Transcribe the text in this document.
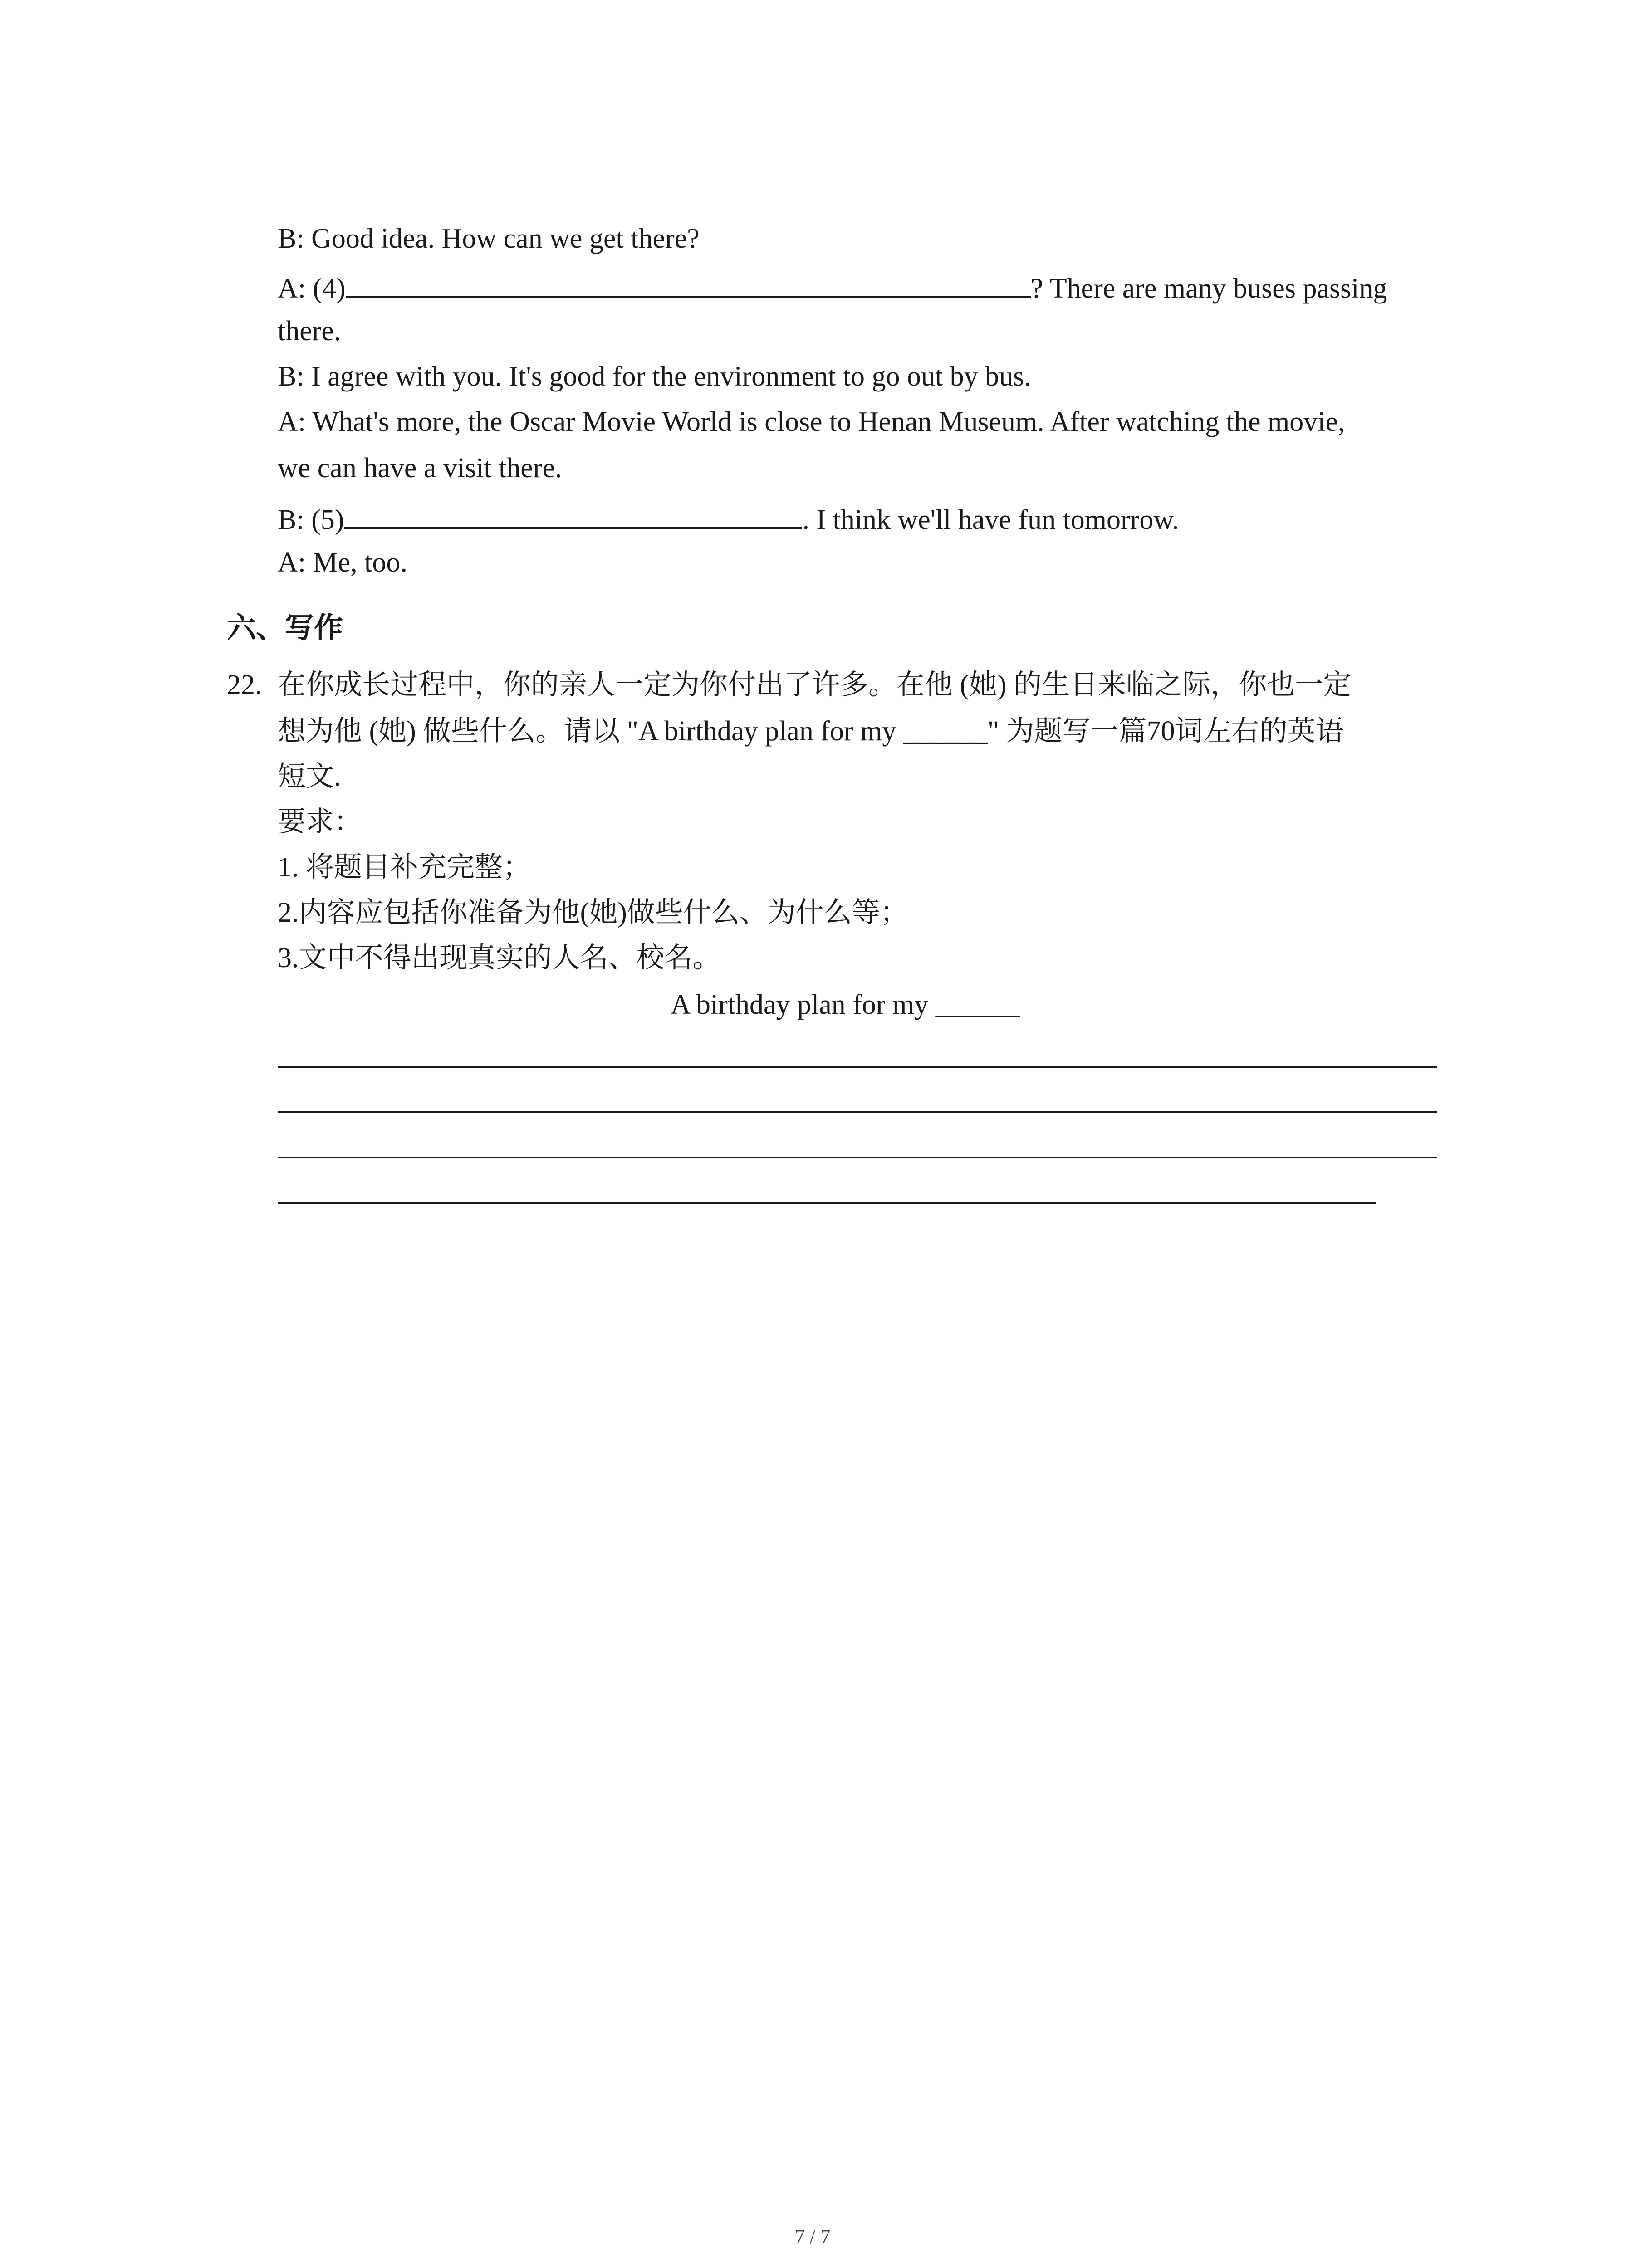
B: Good idea. How can we get there?
A: (4)	? There are many buses passing
there.
B: I agree with you. It's good for the environment to go out by bus.
A: What's more, the Oscar Movie World is close to Henan Museum. After watching the movie,
we can have a visit there.
B: (5)	. I think we'll have fun tomorrow.
A: Me, too.
六、写作
22. 在你成长过程中，你的亲人一定为你付出了许多。在他 (她) 的生日来临之际，你也一定
想为他 (她) 做些什么。请以 "A birthday plan for my ______" 为题写一篇70词左右的英语
短文.
要求：
1. 将题目补充完整；
2.内容应包括你准备为他(她)做些什么、为什么等；
3.文中不得出现真实的人名、校名。
A birthday plan for my ______
7 / 7
